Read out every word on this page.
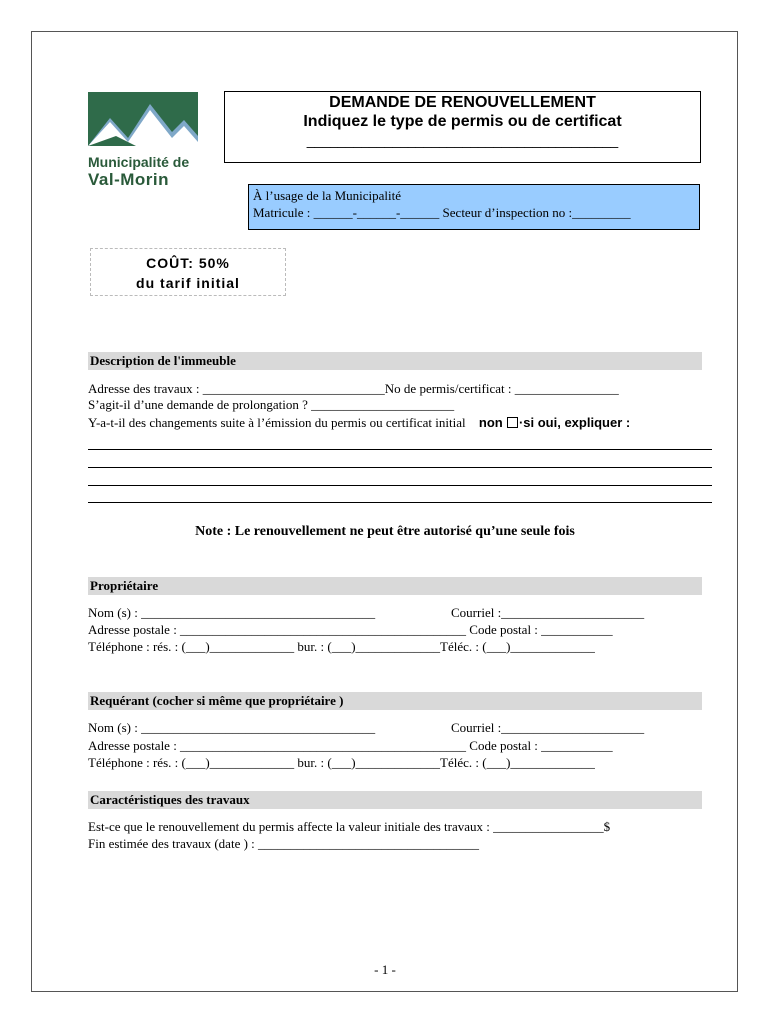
Municipalité de
Val-Morin
DEMANDE DE RENOUVELLEMENT
Indiquez le type de permis ou de certificat
________________________________________
À l’usage de la Municipalité
Matricule : ______-______-______ Secteur d’inspection no :_________
COÛT: 50%
du tarif initial
Description de l'immeuble
Adresse des travaux : ____________________________No de permis/certificat : ________________
S’agit-il d’une demande de prolongation ? ______________________
Y-a-t-il des changements suite à l’émission du permis ou certificat initial non ·si oui, expliquer :
Note : Le renouvellement ne peut être autorisé qu’une seule fois
Propriétaire
Nom (s) : ____________________________________	Courriel :______________________
Adresse postale : ____________________________________________ Code postal : ___________
Téléphone : rés. : (___)_____________ bur. : (___)_____________Téléc. : (___)_____________
Requérant (cocher si même que propriétaire )
Nom (s) : ____________________________________	Courriel :______________________
Adresse postale : ____________________________________________ Code postal : ___________
Téléphone : rés. : (___)_____________ bur. : (___)_____________Téléc. : (___)_____________
Caractéristiques des travaux
Est-ce que le renouvellement du permis affecte la valeur initiale des travaux : _________________$
Fin estimée des travaux (date ) : __________________________________
- 1 -
